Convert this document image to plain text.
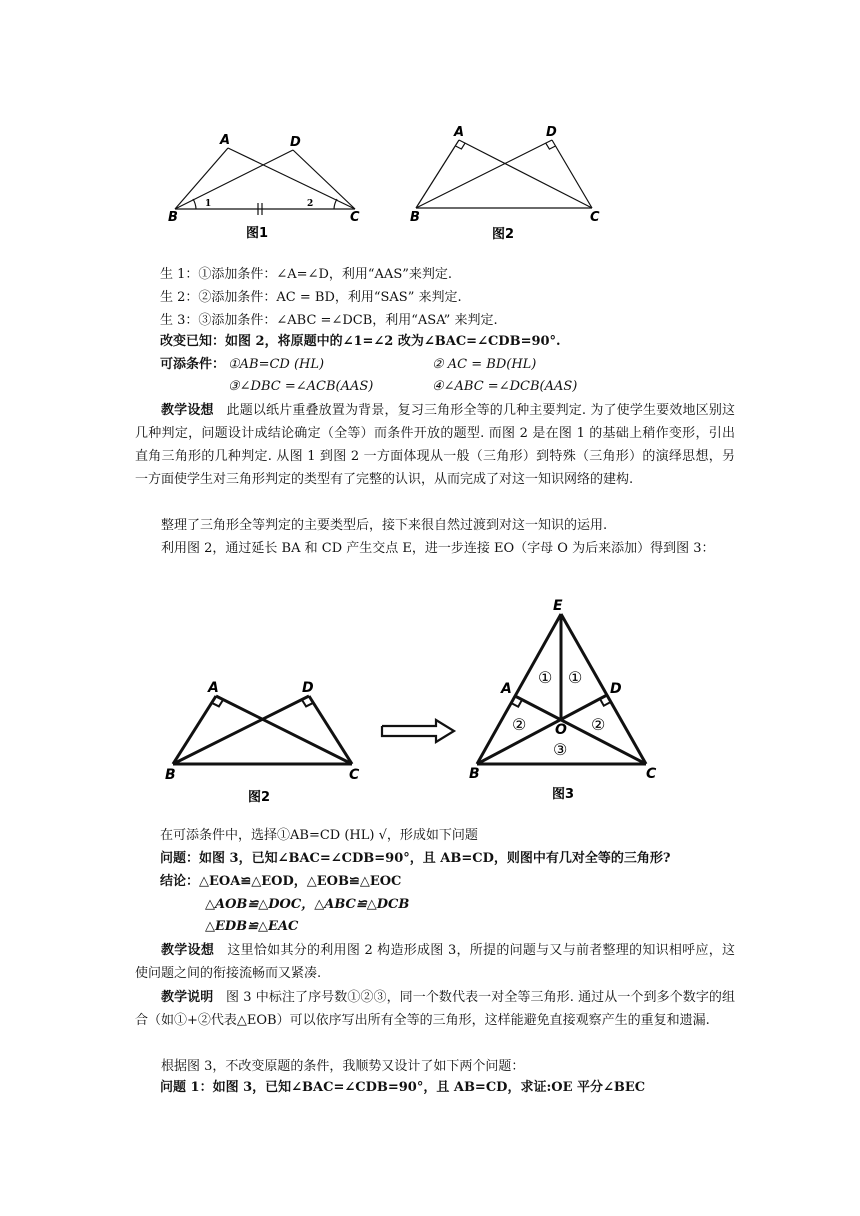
A	D
B	C
1	2
图1
A	D
B	C
图2
生 1：①添加条件：∠A=∠D，利用“AAS”来判定.
生 2：②添加条件：AC = BD，利用“SAS” 来判定.
生 3：③添加条件：∠ABC =∠DCB，利用“ASA” 来判定.
改变已知：如图 2，将原题中的∠1=∠2 改为∠BAC=∠CDB=90°.
可添条件： ①AB=CD (HL)	② AC = BD(HL)
③∠DBC =∠ACB(AAS)	④∠ABC =∠DCB(AAS)
教学设想 此题以纸片重叠放置为背景，复习三角形全等的几种主要判定. 为了使学生要效地区别这几种判定，问题设计成结论确定（全等）而条件开放的题型. 而图 2 是在图 1 的基础上稍作变形，引出直角三角形的几种判定. 从图 1 到图 2 一方面体现从一般（三角形）到特殊（三角形）的演绎思想，另一方面使学生对三角形判定的类型有了完整的认识，从而完成了对这一知识网络的建构.
整理了三角形全等判定的主要类型后，接下来很自然过渡到对这一知识的运用.
利用图 2，通过延长 BA 和 CD 产生交点 E，进一步连接 EO（字母 O 为后来添加）得到图 3：
A	D
B	C
图2
E
A	D
B	C
O
① ①
②	②
③
图3
在可添条件中，选择①AB=CD (HL) √，形成如下问题
问题：如图 3，已知∠BAC=∠CDB=90°，且 AB=CD，则图中有几对全等的三角形?
结论：△EOA≌△EOD，△EOB≌△EOC
△AOB≌△DOC，△ABC≌△DCB
△EDB≌△EAC
教学设想 这里恰如其分的利用图 2 构造形成图 3，所提的问题与又与前者整理的知识相呼应，这使问题之间的衔接流畅而又紧凑.
教学说明 图 3 中标注了序号数①②③，同一个数代表一对全等三角形. 通过从一个到多个数字的组合（如①+②代表△EOB）可以依序写出所有全等的三角形，这样能避免直接观察产生的重复和遗漏.
根据图 3，不改变原题的条件，我顺势又设计了如下两个问题：
问题 1：如图 3，已知∠BAC=∠CDB=90°，且 AB=CD，求证:OE 平分∠BEC
